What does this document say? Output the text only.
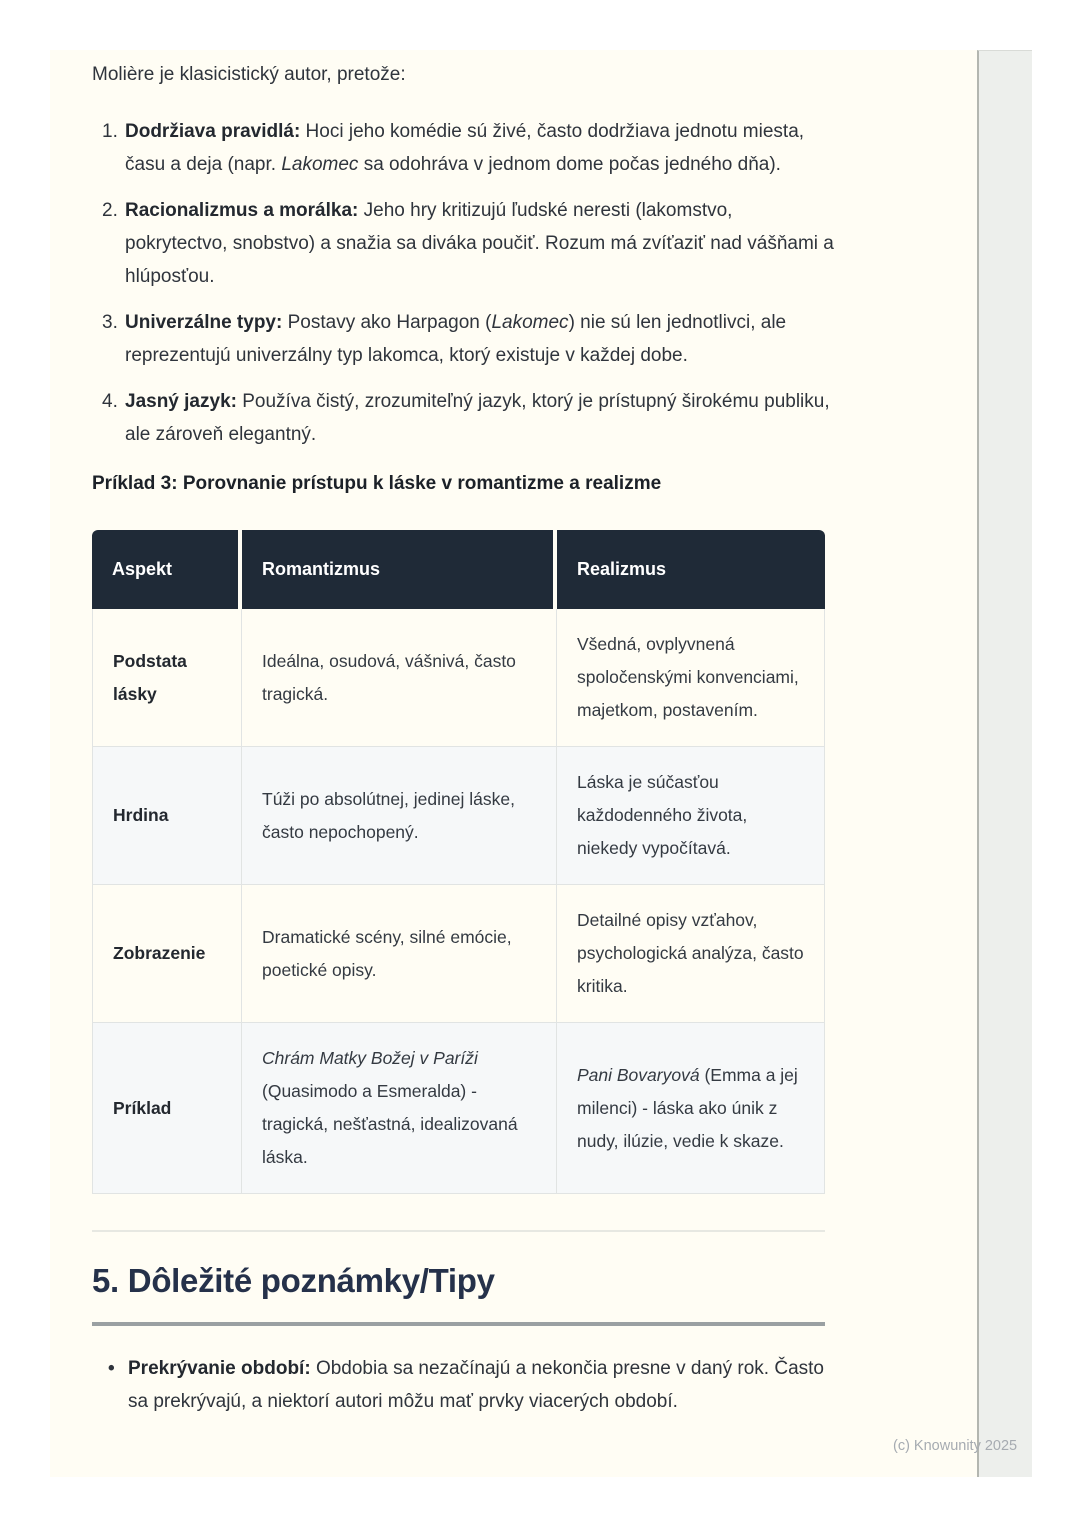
Molière je klasicistický autor, pretože:

1. Dodržiava pravidlá: Hoci jeho komédie sú živé, často dodržiava jednotu miesta, času a deja (napr. Lakomec sa odohráva v jednom dome počas jedného dňa).
2. Racionalizmus a morálka: Jeho hry kritizujú ľudské neresti (lakomstvo, pokrytectvo, snobstvo) a snažia sa diváka poučiť. Rozum má zvíťaziť nad vášňami a hlúposťou.
3. Univerzálne typy: Postavy ako Harpagon (Lakomec) nie sú len jednotlivci, ale reprezentujú univerzálny typ lakomca, ktorý existuje v každej dobe.
4. Jasný jazyk: Používa čistý, zrozumiteľný jazyk, ktorý je prístupný širokému publiku, ale zároveň elegantný.

Príklad 3: Porovnanie prístupu k láske v romantizme a realizme

Aspekt	Romantizmus	Realizmus
Podstata lásky	Ideálna, osudová, vášnivá, často tragická.	Všedná, ovplyvnená spoločenskými konvenciami, majetkom, postavením.
Hrdina	Túži po absolútnej, jedinej láske, často nepochopený.	Láska je súčasťou každodenného života, niekedy vypočítavá.
Zobrazenie	Dramatické scény, silné emócie, poetické opisy.	Detailné opisy vzťahov, psychologická analýza, často kritika.
Príklad	Chrám Matky Božej v Paríži (Quasimodo a Esmeralda) - tragická, nešťastná, idealizovaná láska.	Pani Bovaryová (Emma a jej milenci) - láska ako únik z nudy, ilúzie, vedie k skaze.
5. Dôležité poznámky/Tipy
• Prekrývanie období: Obdobia sa nezačínajú a nekončia presne v daný rok. Často sa prekrývajú, a niektorí autori môžu mať prvky viacerých období.
(c) Knowunity 2025
